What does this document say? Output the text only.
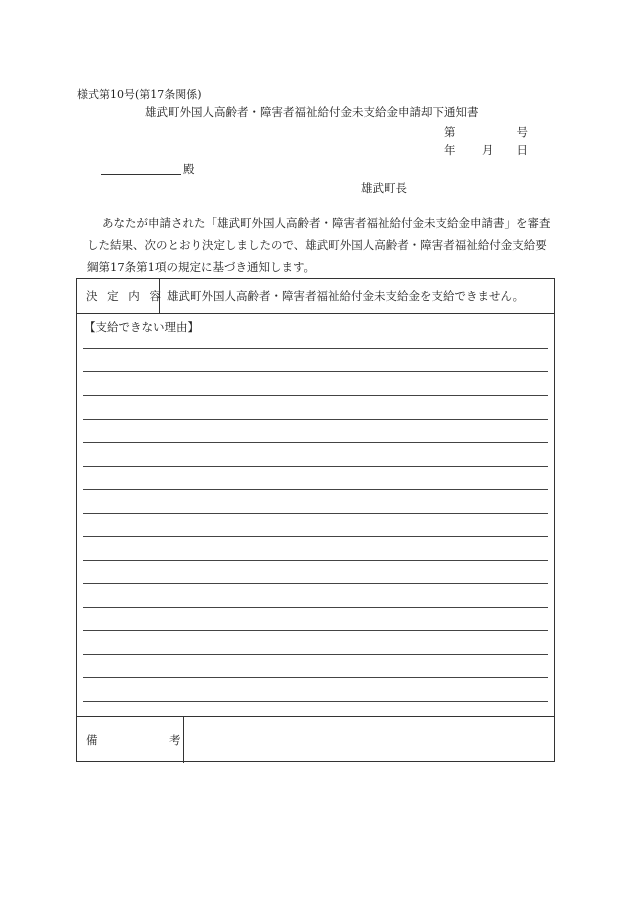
様式第10号(第17条関係)
雄武町外国人高齢者・障害者福祉給付金未支給金申請却下通知書
第	号
年 月 日
殿
雄武町長
あなたが申請された「雄武町外国人高齢者・障害者福祉給付金未支給金申請書」を審査した結果、次のとおり決定しましたので、雄武町外国人高齢者・障害者福祉給付金支給要綱第17条第1項の規定に基づき通知します。
決 定 内 容 雄武町外国人高齢者・障害者福祉給付金未支給金を支給できません。
【支給できない理由】
備	考
